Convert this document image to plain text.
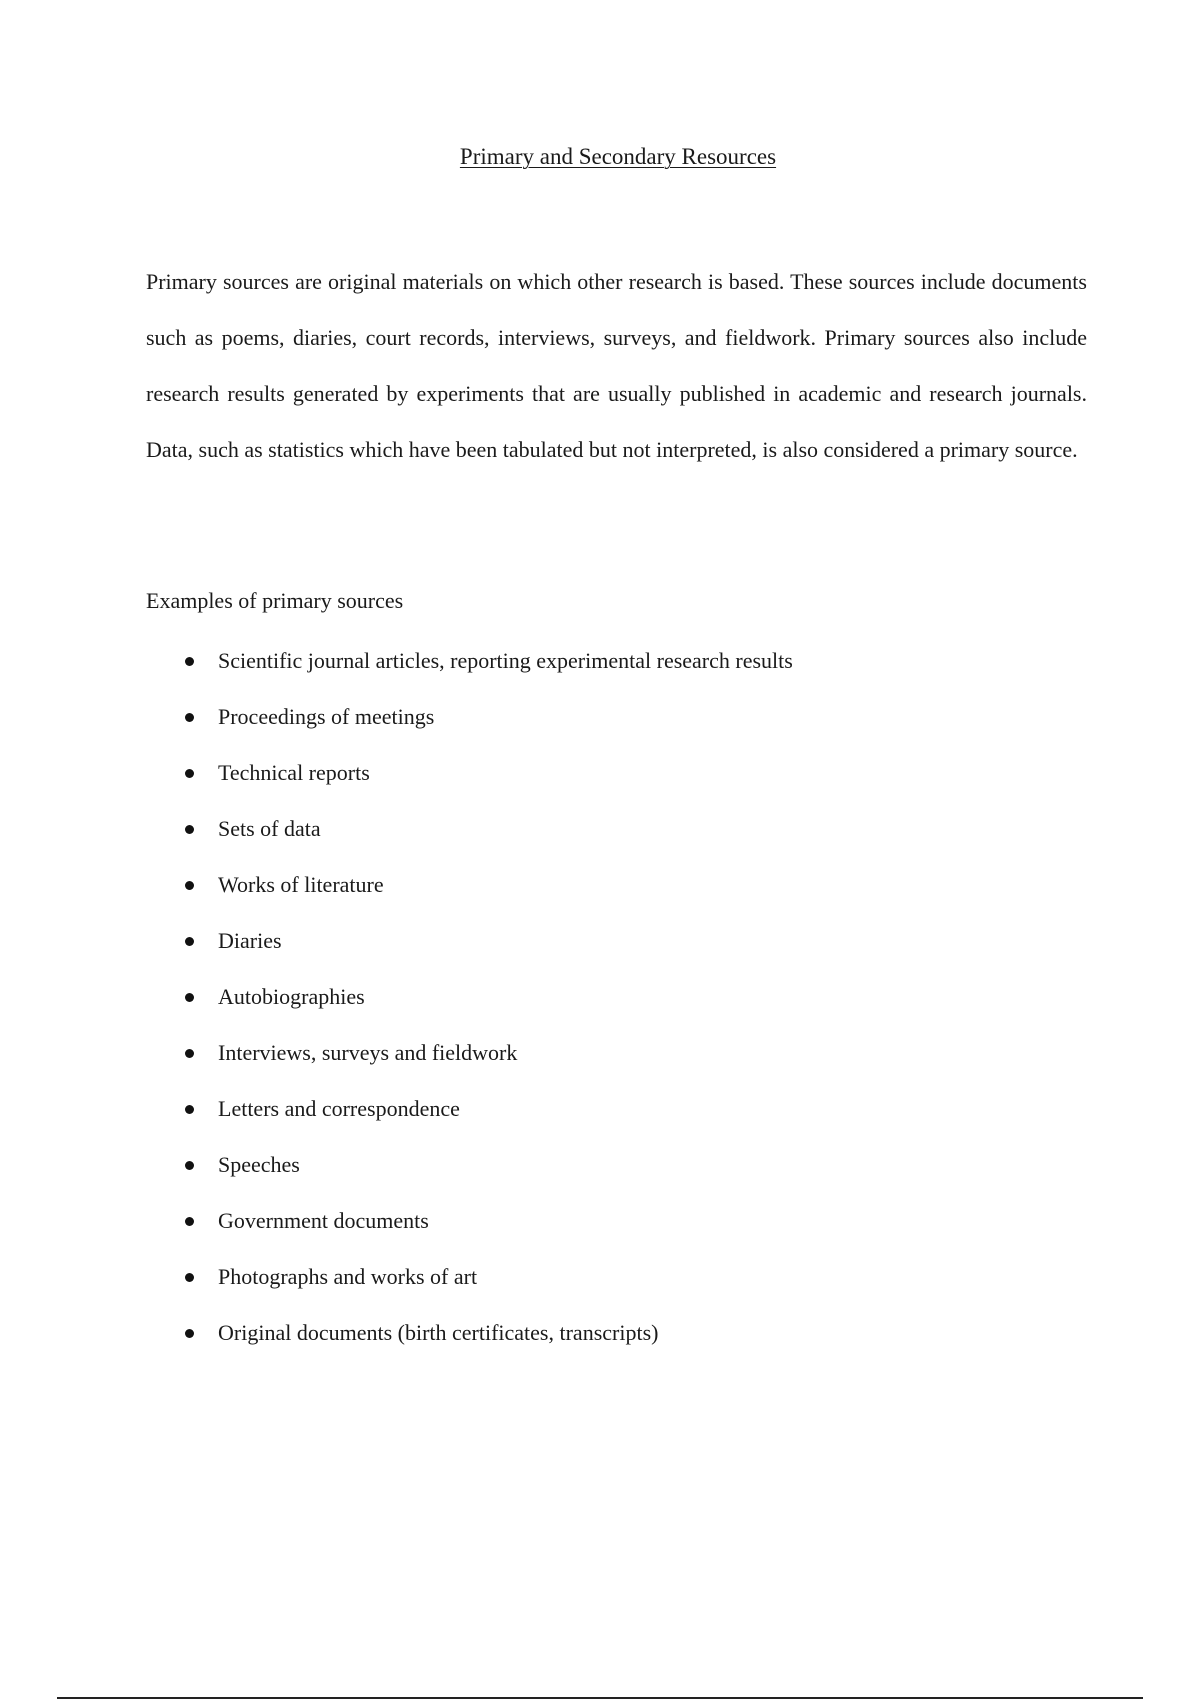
Primary and Secondary Resources

Primary sources are original materials on which other research is based. These sources include documents such as poems, diaries, court records, interviews, surveys, and fieldwork. Primary sources also include research results generated by experiments that are usually published in academic and research journals. Data, such as statistics which have been tabulated but not interpreted, is also considered a primary source.

Examples of primary sources

Scientific journal articles, reporting experimental research results
Proceedings of meetings
Technical reports
Sets of data
Works of literature
Diaries
Autobiographies
Interviews, surveys and fieldwork
Letters and correspondence
Speeches
Government documents
Photographs and works of art
Original documents (birth certificates, transcripts)
